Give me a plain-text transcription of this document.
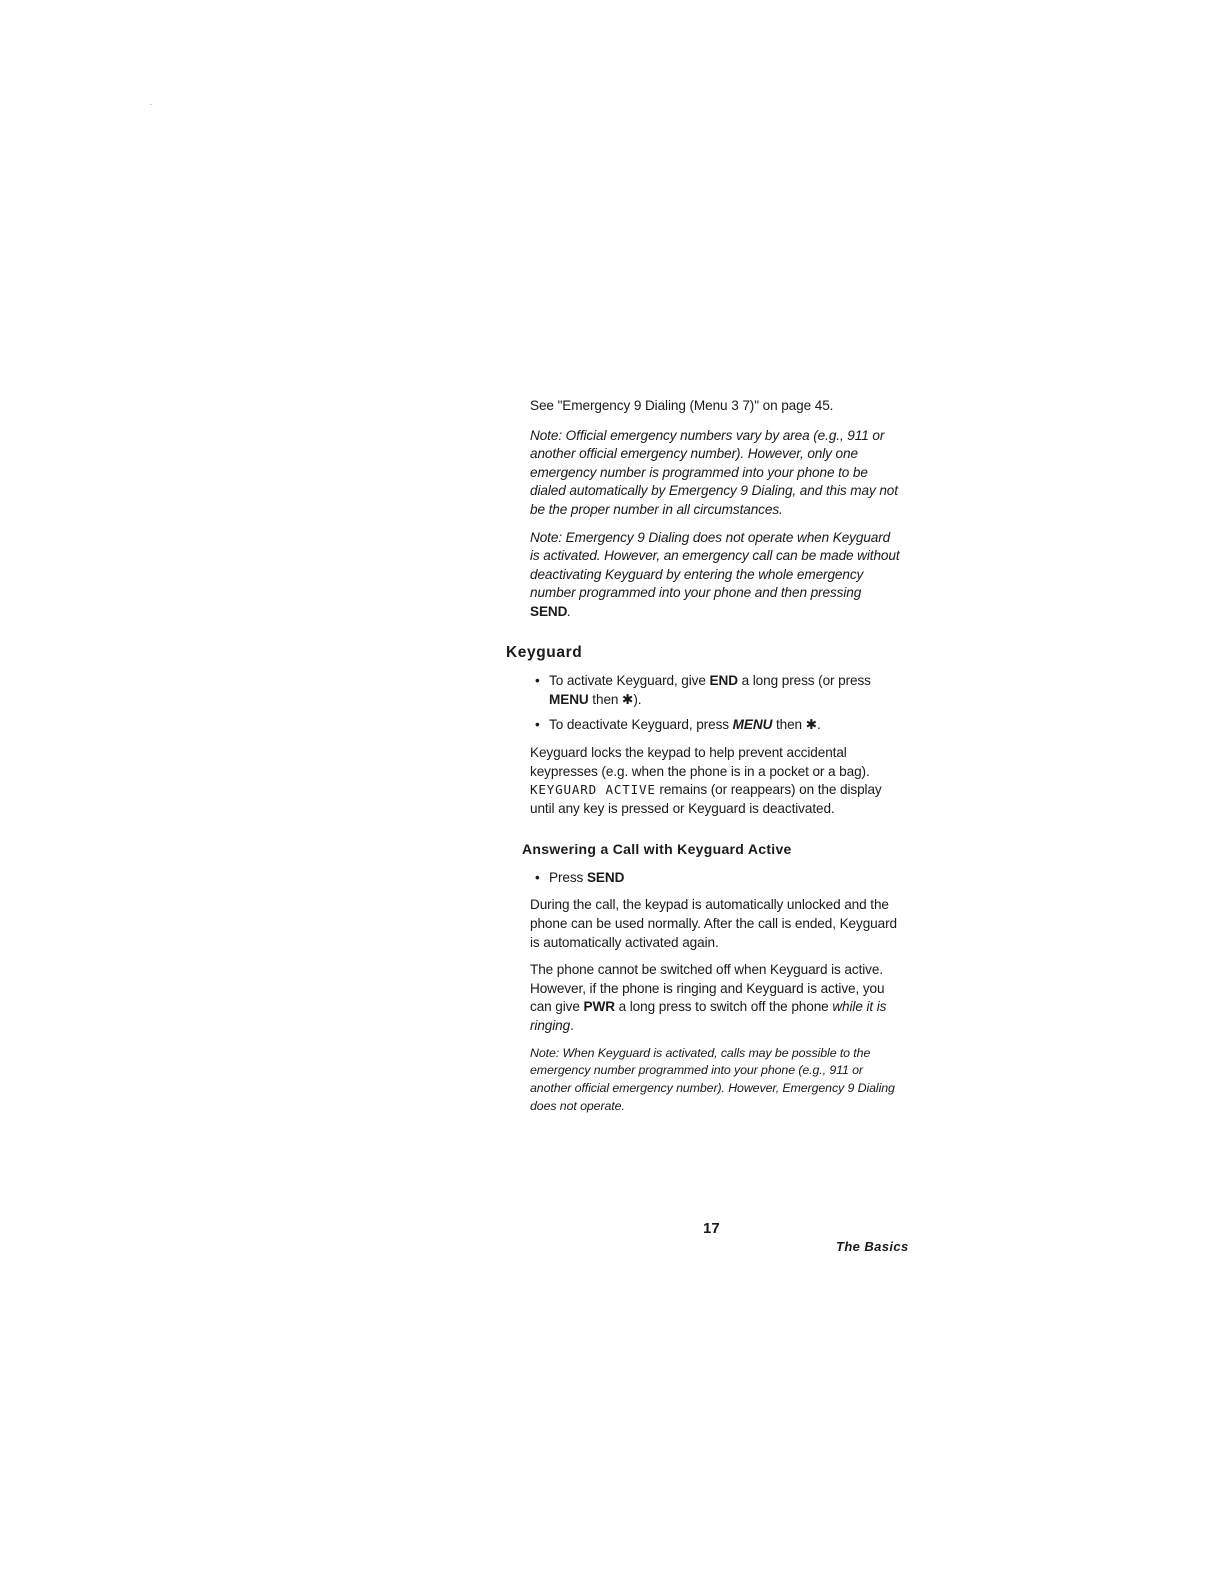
See "Emergency 9 Dialing (Menu 3 7)" on page 45.

Note: Official emergency numbers vary by area (e.g., 911 or another official emergency number). However, only one emergency number is programmed into your phone to be dialed automatically by Emergency 9 Dialing, and this may not be the proper number in all circumstances.

Note: Emergency 9 Dialing does not operate when Keyguard is activated. However, an emergency call can be made without deactivating Keyguard by entering the whole emergency number programmed into your phone and then pressing SEND.

Keyguard
• To activate Keyguard, give END a long press (or press MENU then ✱).
• To deactivate Keyguard, press MENU then ✱.

Keyguard locks the keypad to help prevent accidental keypresses (e.g. when the phone is in a pocket or a bag). KEYGUARD ACTIVE remains (or reappears) on the display until any key is pressed or Keyguard is deactivated.

Answering a Call with Keyguard Active
• Press SEND

During the call, the keypad is automatically unlocked and the phone can be used normally. After the call is ended, Keyguard is automatically activated again.

The phone cannot be switched off when Keyguard is active. However, if the phone is ringing and Keyguard is active, you can give PWR a long press to switch off the phone while it is ringing.

Note: When Keyguard is activated, calls may be possible to the emergency number programmed into your phone (e.g., 911 or another official emergency number). However, Emergency 9 Dialing does not operate.

17
The Basics
